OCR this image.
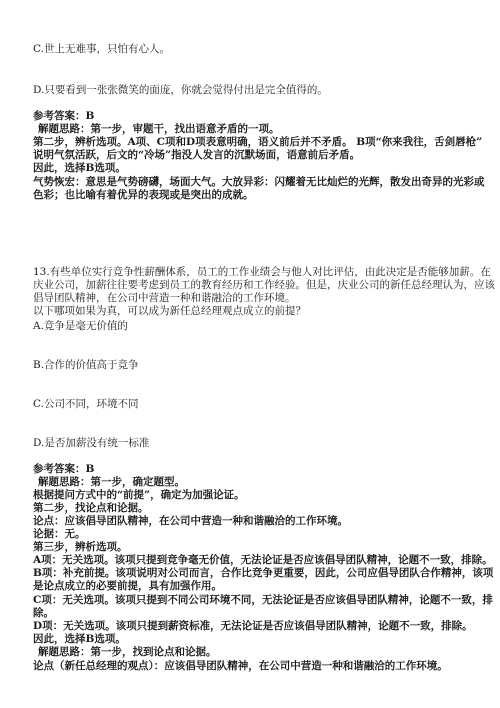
C.世上无难事，只怕有心人。
D.只要看到一张张微笑的面庞，你就会觉得付出是完全值得的。
参考答案：B
解题思路：第一步，审题干，找出语意矛盾的一项。
第二步，辨析选项。A项、C项和D项表意明确，语义前后并不矛盾。 B项“你来我往，舌剑唇枪”
说明气氛活跃，后文的“冷场”指没人发言的沉默场面，语意前后矛盾。
因此，选择B选项。
气势恢宏：意思是气势磅礴，场面大气。大放异彩：闪耀着无比灿烂的光辉，散发出奇异的光彩或
色彩；也比喻有着优异的表现或是突出的成就。
13.有些单位实行竞争性薪酬体系，员工的工作业绩会与他人对比评估，由此决定是否能够加薪。在
庆业公司，加薪往往要考虑到员工的教育经历和工作经验。但是，庆业公司的新任总经理认为，应该
倡导团队精神，在公司中营造一种和谐融洽的工作环境。
以下哪项如果为真，可以成为新任总经理观点成立的前提？
A.竞争是毫无价值的
B.合作的价值高于竞争
C.公司不同，环境不同
D.是否加薪没有统一标准
参考答案：B
解题思路：第一步，确定题型。
根据提问方式中的“前提”，确定为加强论证。
第二步，找论点和论据。
论点：应该倡导团队精神，在公司中营造一种和谐融洽的工作环境。
论据：无。
第三步，辨析选项。
A项：无关选项。该项只提到竞争毫无价值，无法论证是否应该倡导团队精神，论题不一致，排除。
B项：补充前提。该项说明对公司而言，合作比竞争更重要，因此，公司应倡导团队合作精神，该项
是论点成立的必要前提，具有加强作用。
C项：无关选项。该项只提到不同公司环境不同，无法论证是否应该倡导团队精神，论题不一致，排
除。
D项：无关选项。该项只提到薪资标准，无法论证是否应该倡导团队精神，论题不一致，排除。
因此，选择B选项。
解题思路：第一步，找到论点和论据。
论点（新任总经理的观点）：应该倡导团队精神，在公司中营造一种和谐融洽的工作环境。
